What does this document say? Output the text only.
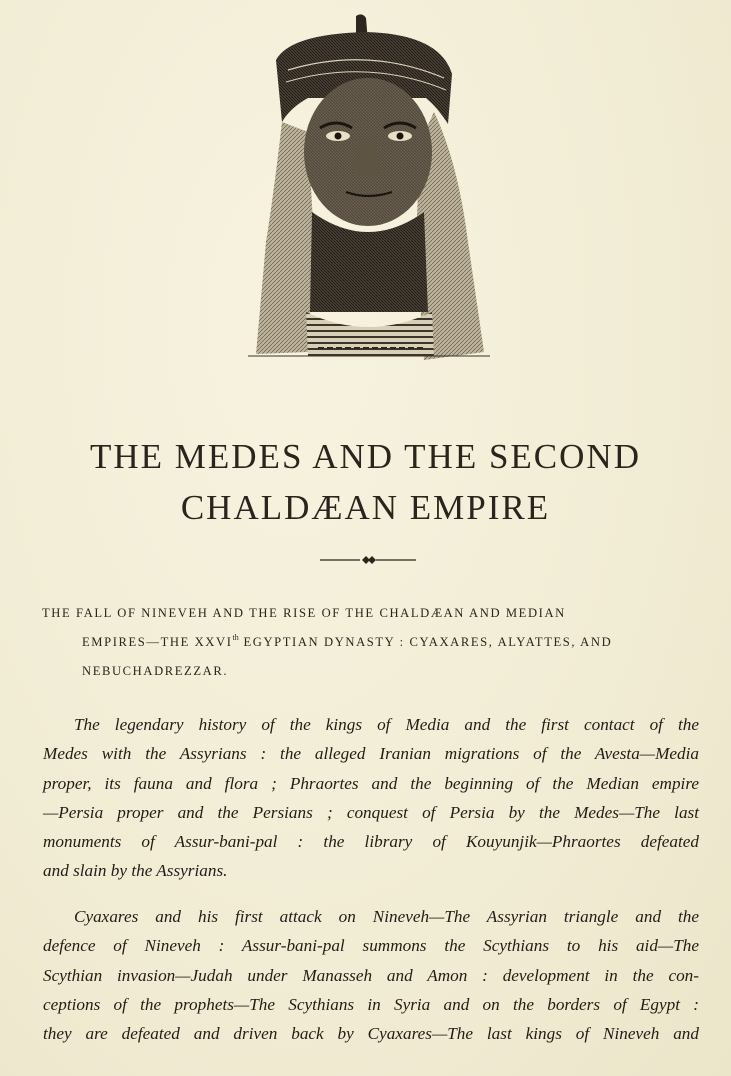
THE MEDES AND THE SECOND
CHALDÆAN EMPIRE
THE FALL OF NINEVEH AND THE RISE OF THE CHALDÆAN AND MEDIAN
EMPIRES—THE XXVIth EGYPTIAN DYNASTY : CYAXARES, ALYATTES, AND
NEBUCHADREZZAR.
The legendary history of the kings of Media and the first contact of the
Medes with the Assyrians : the alleged Iranian migrations of the Avesta—Media
proper, its fauna and flora ; Phraortes and the beginning of the Median empire
—Persia proper and the Persians ; conquest of Persia by the Medes—The last
monuments of Assur-bani-pal : the library of Kouyunjik—Phraortes defeated
and slain by the Assyrians.
Cyaxares and his first attack on Nineveh—The Assyrian triangle and the
defence of Nineveh : Assur-bani-pal summons the Scythians to his aid—The
Scythian invasion—Judah under Manasseh and Amon : development in the con-
ceptions of the prophets—The Scythians in Syria and on the borders of Egypt :
they are defeated and driven back by Cyaxares—The last kings of Nineveh and
